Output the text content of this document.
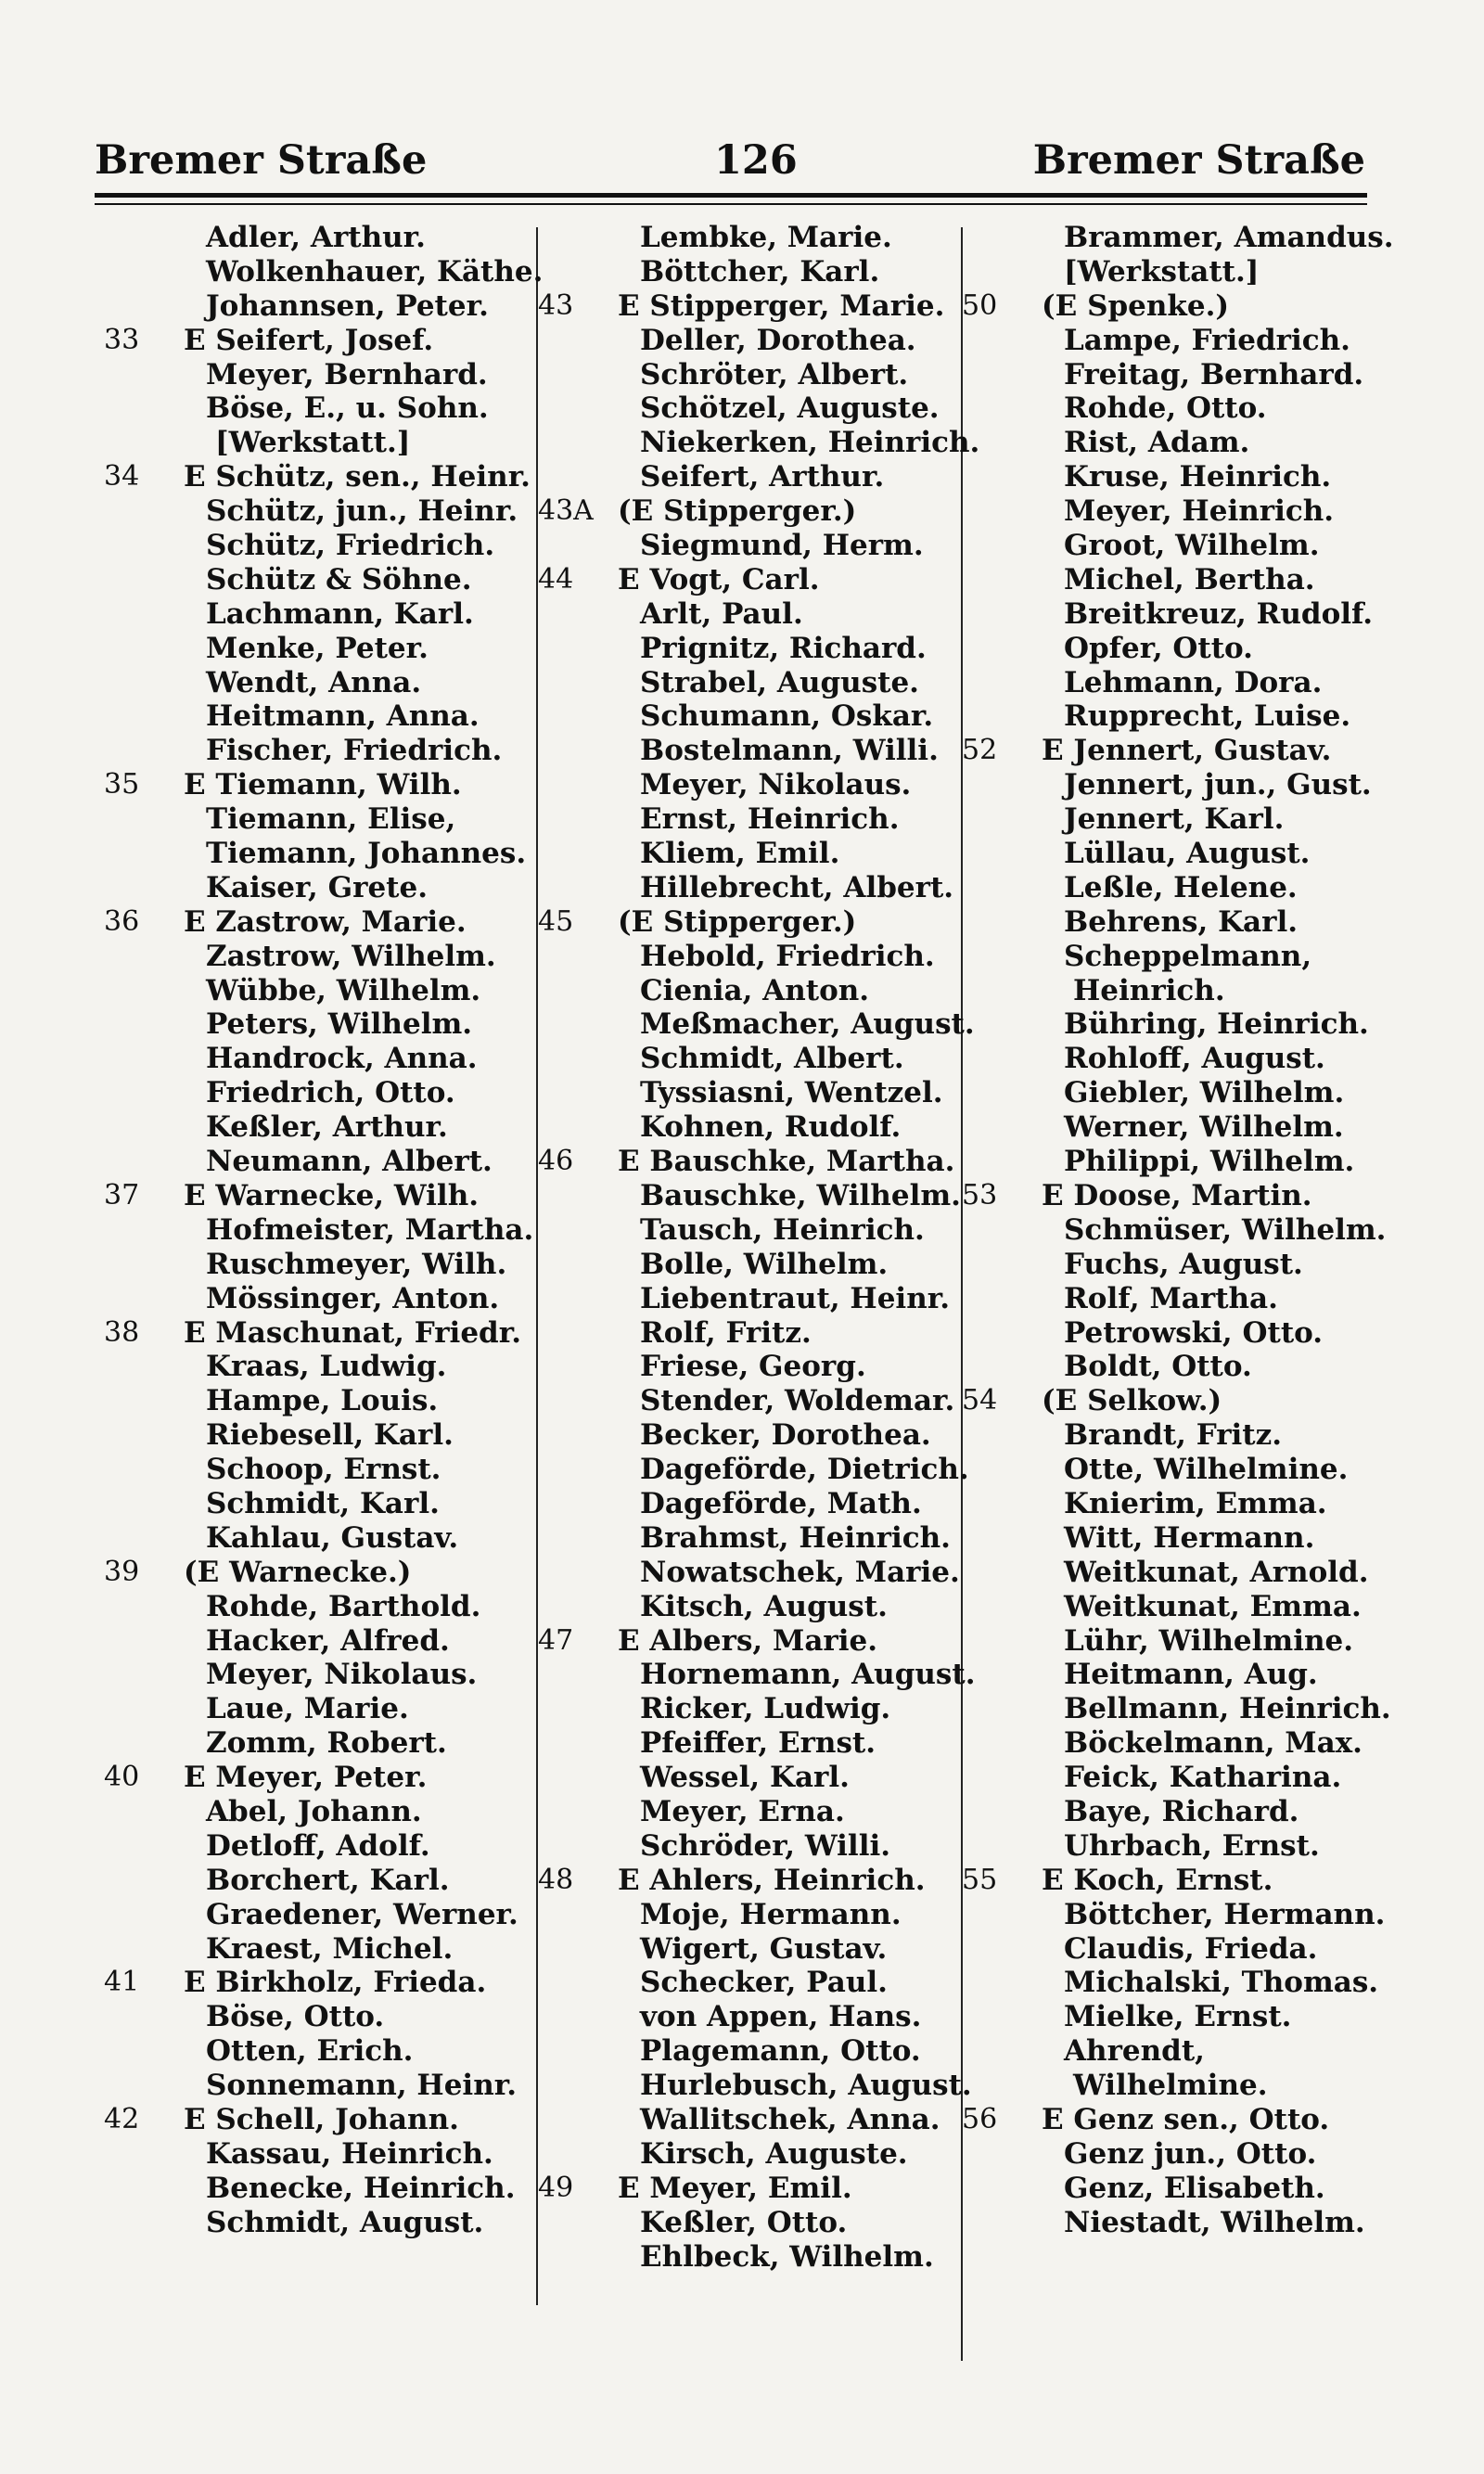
Bremer Straße	126	Bremer Straße
Adler, Arthur.
Wolkenhauer, Käthe.
Johannsen, Peter.
33	E Seifert, Josef.
Meyer, Bernhard.
Böse, E., u. Sohn.
[Werkstatt.]
34	E Schütz, sen., Heinr.
Schütz, jun., Heinr.
Schütz, Friedrich.
Schütz & Söhne.
Lachmann, Karl.
Menke, Peter.
Wendt, Anna.
Heitmann, Anna.
Fischer, Friedrich.
35	E Tiemann, Wilh.
Tiemann, Elise,
Tiemann, Johannes.
Kaiser, Grete.
36	E Zastrow, Marie.
Zastrow, Wilhelm.
Wübbe, Wilhelm.
Peters, Wilhelm.
Handrock, Anna.
Friedrich, Otto.
Keßler, Arthur.
Neumann, Albert.
37	E Warnecke, Wilh.
Hofmeister, Martha.
Ruschmeyer, Wilh.
Mössinger, Anton.
38	E Maschunat, Friedr.
Kraas, Ludwig.
Hampe, Louis.
Riebesell, Karl.
Schoop, Ernst.
Schmidt, Karl.
Kahlau, Gustav.
39	(E Warnecke.)
Rohde, Barthold.
Hacker, Alfred.
Meyer, Nikolaus.
Laue, Marie.
Zomm, Robert.
40	E Meyer, Peter.
Abel, Johann.
Detloff, Adolf.
Borchert, Karl.
Graedener, Werner.
Kraest, Michel.
41	E Birkholz, Frieda.
Böse, Otto.
Otten, Erich.
Sonnemann, Heinr.
42	E Schell, Johann.
Kassau, Heinrich.
Benecke, Heinrich.
Schmidt, August.
Lembke, Marie.
Böttcher, Karl.
43	E Stipperger, Marie.
Deller, Dorothea.
Schröter, Albert.
Schötzel, Auguste.
Niekerken, Heinrich.
Seifert, Arthur.
43A (E Stipperger.)
Siegmund, Herm.
44	E Vogt, Carl.
Arlt, Paul.
Prignitz, Richard.
Strabel, Auguste.
Schumann, Oskar.
Bostelmann, Willi.
Meyer, Nikolaus.
Ernst, Heinrich.
Kliem, Emil.
Hillebrecht, Albert.
45	(E Stipperger.)
Hebold, Friedrich.
Cienia, Anton.
Meßmacher, August.
Schmidt, Albert.
Tyssiasni, Wentzel.
Kohnen, Rudolf.
46	E Bauschke, Martha.
Bauschke, Wilhelm.
Tausch, Heinrich.
Bolle, Wilhelm.
Liebentraut, Heinr.
Rolf, Fritz.
Friese, Georg.
Stender, Woldemar.
Becker, Dorothea.
Dageförde, Dietrich.
Dageförde, Math.
Brahmst, Heinrich.
Nowatschek, Marie.
Kitsch, August.
47	E Albers, Marie.
Hornemann, August.
Ricker, Ludwig.
Pfeiffer, Ernst.
Wessel, Karl.
Meyer, Erna.
Schröder, Willi.
48	E Ahlers, Heinrich.
Moje, Hermann.
Wigert, Gustav.
Schecker, Paul.
von Appen, Hans.
Plagemann, Otto.
Hurlebusch, August.
Wallitschek, Anna.
Kirsch, Auguste.
49	E Meyer, Emil.
Keßler, Otto.
Ehlbeck, Wilhelm.
Brammer, Amandus.
[Werkstatt.]
50	(E Spenke.)
Lampe, Friedrich.
Freitag, Bernhard.
Rohde, Otto.
Rist, Adam.
Kruse, Heinrich.
Meyer, Heinrich.
Groot, Wilhelm.
Michel, Bertha.
Breitkreuz, Rudolf.
Opfer, Otto.
Lehmann, Dora.
Rupprecht, Luise.
52	E Jennert, Gustav.
Jennert, jun., Gust.
Jennert, Karl.
Lüllau, August.
Leßle, Helene.
Behrens, Karl.
Scheppelmann,
Heinrich.
Bühring, Heinrich.
Rohloff, August.
Giebler, Wilhelm.
Werner, Wilhelm.
Philippi, Wilhelm.
53	E Doose, Martin.
Schmüser, Wilhelm.
Fuchs, August.
Rolf, Martha.
Petrowski, Otto.
Boldt, Otto.
54	(E Selkow.)
Brandt, Fritz.
Otte, Wilhelmine.
Knierim, Emma.
Witt, Hermann.
Weitkunat, Arnold.
Weitkunat, Emma.
Lühr, Wilhelmine.
Heitmann, Aug.
Bellmann, Heinrich.
Böckelmann, Max.
Feick, Katharina.
Baye, Richard.
Uhrbach, Ernst.
55	E Koch, Ernst.
Böttcher, Hermann.
Claudis, Frieda.
Michalski, Thomas.
Mielke, Ernst.
Ahrendt,
Wilhelmine.
56	E Genz sen., Otto.
Genz jun., Otto.
Genz, Elisabeth.
Niestadt, Wilhelm.
